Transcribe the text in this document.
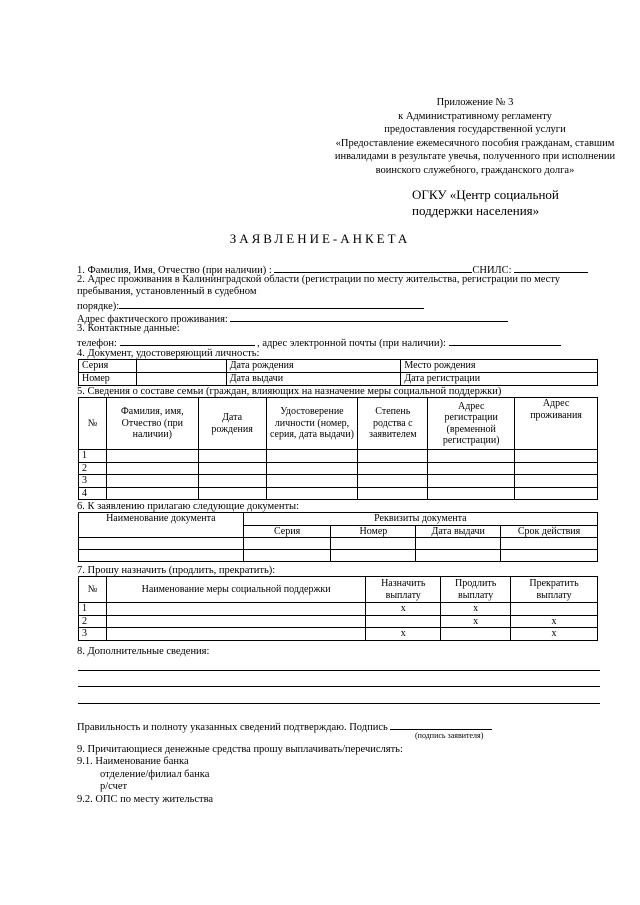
Приложение № 3
к Административному регламенту
предоставления государственной услуги
«Предоставление ежемесячного пособия гражданам, ставшим
инвалидами в результате увечья, полученного при исполнении
воинского служебного, гражданского долга»
ОГКУ «Центр социальной
поддержки населения»
ЗАЯВЛЕНИЕ-АНКЕТА
1. Фамилия, Имя, Отчество (при наличии) :	СНИЛС:
2. Адрес проживания в Калининградской области (регистрации по месту жительства, регистрации по месту
пребывания, установленный в судебном
порядке):
Адрес фактического проживания:
3. Контактные данные:
телефон:	, адрес электронной почты (при наличии):
4. Документ, удостоверяющий личность:
Серия		Дата рождения	Место рождения
Номер		Дата выдачи	Дата регистрации
5. Сведения о составе семьи (граждан, влияющих на назначение меры социальной поддержки)
№	Фамилия, имя, Отчество (при наличии)	Дата рождения	Удостоверение личности (номер, серия, дата выдачи)	Степень родства с заявителем	Адрес регистрации (временной регистрации)	Адрес проживания
1						
2						
3						
4						
6. К заявлению прилагаю следующие документы:
Наименование документа	Реквизиты документа			
	Серия	Номер	Дата выдачи	Срок действия

7. Прошу назначить (продлить, прекратить):
№	Наименование меры социальной поддержки	Назначить выплату	Продлить выплату	Прекратить выплату
1		x	x	
2			x	x
3		x		x
8. Дополнительные сведения:
Правильность и полноту указанных сведений подтверждаю. Подпись
(подпись заявителя)
9. Причитающиеся денежные средства прошу выплачивать/перечислять:
9.1. Наименование банка
отделение/филиал банка
р/счет
9.2. ОПС по месту жительства
